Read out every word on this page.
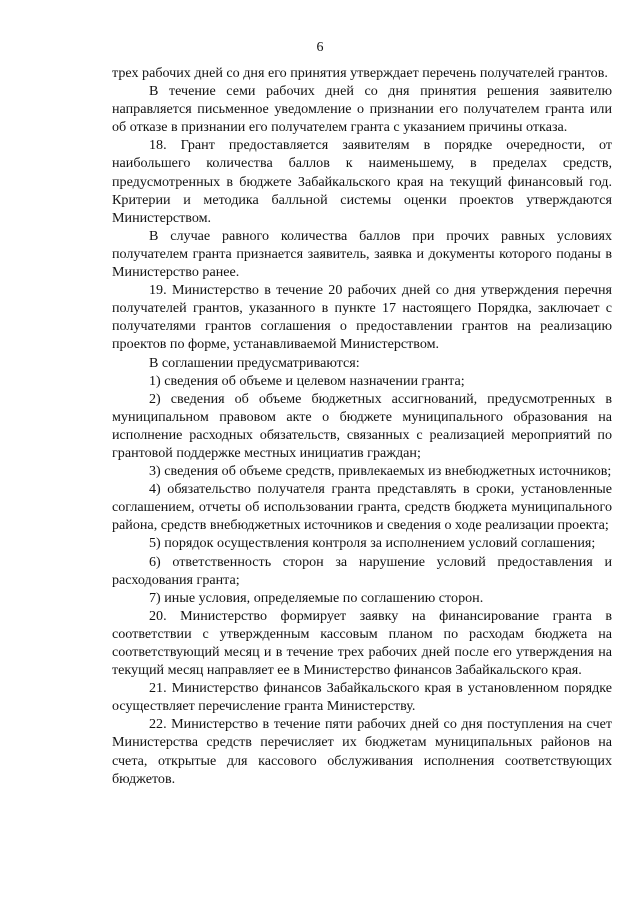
6

трех рабочих дней со дня его принятия утверждает перечень получателей грантов.

В течение семи рабочих дней со дня принятия решения заявителю направляется письменное уведомление о признании его получателем гранта или об отказе в признании его получателем гранта с указанием причины отказа.

18. Грант предоставляется заявителям в порядке очередности, от наибольшего количества баллов к наименьшему, в пределах средств, предусмотренных в бюджете Забайкальского края на текущий финансовый год. Критерии и методика балльной системы оценки проектов утверждаются Министерством.

В случае равного количества баллов при прочих равных условиях получателем гранта признается заявитель, заявка и документы которого поданы в Министерство ранее.

19. Министерство в течение 20 рабочих дней со дня утверждения перечня получателей грантов, указанного в пункте 17 настоящего Порядка, заключает с получателями грантов соглашения о предоставлении грантов на реализацию проектов по форме, устанавливаемой Министерством.

В соглашении предусматриваются:

1) сведения об объеме и целевом назначении гранта;

2) сведения об объеме бюджетных ассигнований, предусмотренных в муниципальном правовом акте о бюджете муниципального образования на исполнение расходных обязательств, связанных с реализацией мероприятий по грантовой поддержке местных инициатив граждан;

3) сведения об объеме средств, привлекаемых из внебюджетных источников;

4) обязательство получателя гранта представлять в сроки, установленные соглашением, отчеты об использовании гранта, средств бюджета муниципального района, средств внебюджетных источников и сведения о ходе реализации проекта;

5) порядок осуществления контроля за исполнением условий соглашения;

6) ответственность сторон за нарушение условий предоставления и расходования гранта;

7) иные условия, определяемые по соглашению сторон.

20. Министерство формирует заявку на финансирование гранта в соответствии с утвержденным кассовым планом по расходам бюджета на соответствующий месяц и в течение трех рабочих дней после его утверждения на текущий месяц направляет ее в Министерство финансов Забайкальского края.

21. Министерство финансов Забайкальского края в установленном порядке осуществляет перечисление гранта Министерству.

22. Министерство в течение пяти рабочих дней со дня поступления на счет Министерства средств перечисляет их бюджетам муниципальных районов на счета, открытые для кассового обслуживания исполнения соответствующих бюджетов.
